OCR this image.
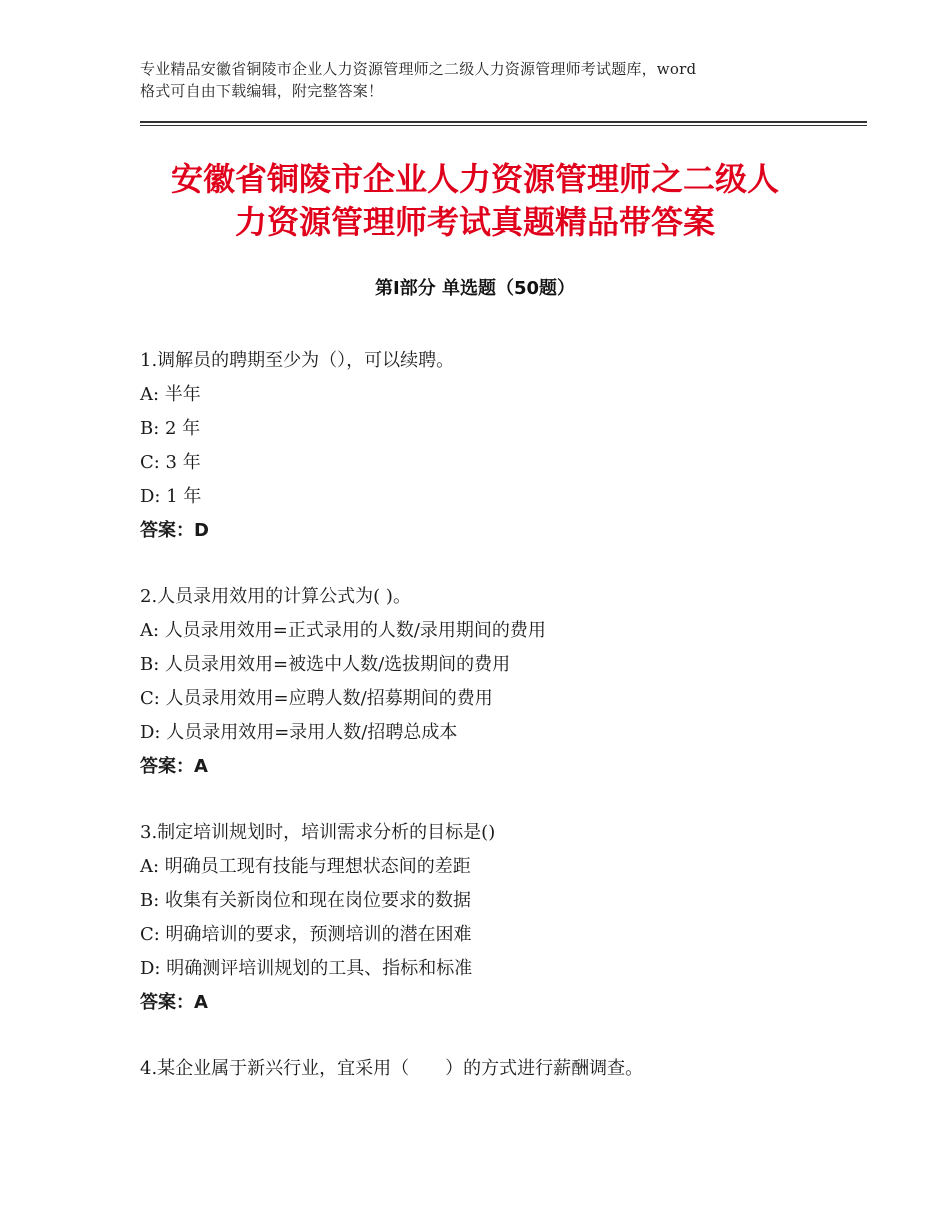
专业精品安徽省铜陵市企业人力资源管理师之二级人力资源管理师考试题库，word

格式可自由下载编辑，附完整答案！

安徽省铜陵市企业人力资源管理师之二级人

力资源管理师考试真题精品带答案

第Ⅰ部分 单选题（50题）

1.调解员的聘期至少为（），可以续聘。

A: 半年

B: 2 年

C: 3 年

D: 1 年

答案：D

2.人员录用效用的计算公式为( )。

A: 人员录用效用=正式录用的人数/录用期间的费用

B: 人员录用效用=被选中人数/选拔期间的费用

C: 人员录用效用=应聘人数/招募期间的费用

D: 人员录用效用=录用人数/招聘总成本

答案：A

3.制定培训规划时，培训需求分析的目标是()

A: 明确员工现有技能与理想状态间的差距

B: 收集有关新岗位和现在岗位要求的数据

C: 明确培训的要求，预测培训的潜在困难

D: 明确测评培训规划的工具、指标和标准

答案：A

4.某企业属于新兴行业，宜采用（　　）的方式进行薪酬调查。
